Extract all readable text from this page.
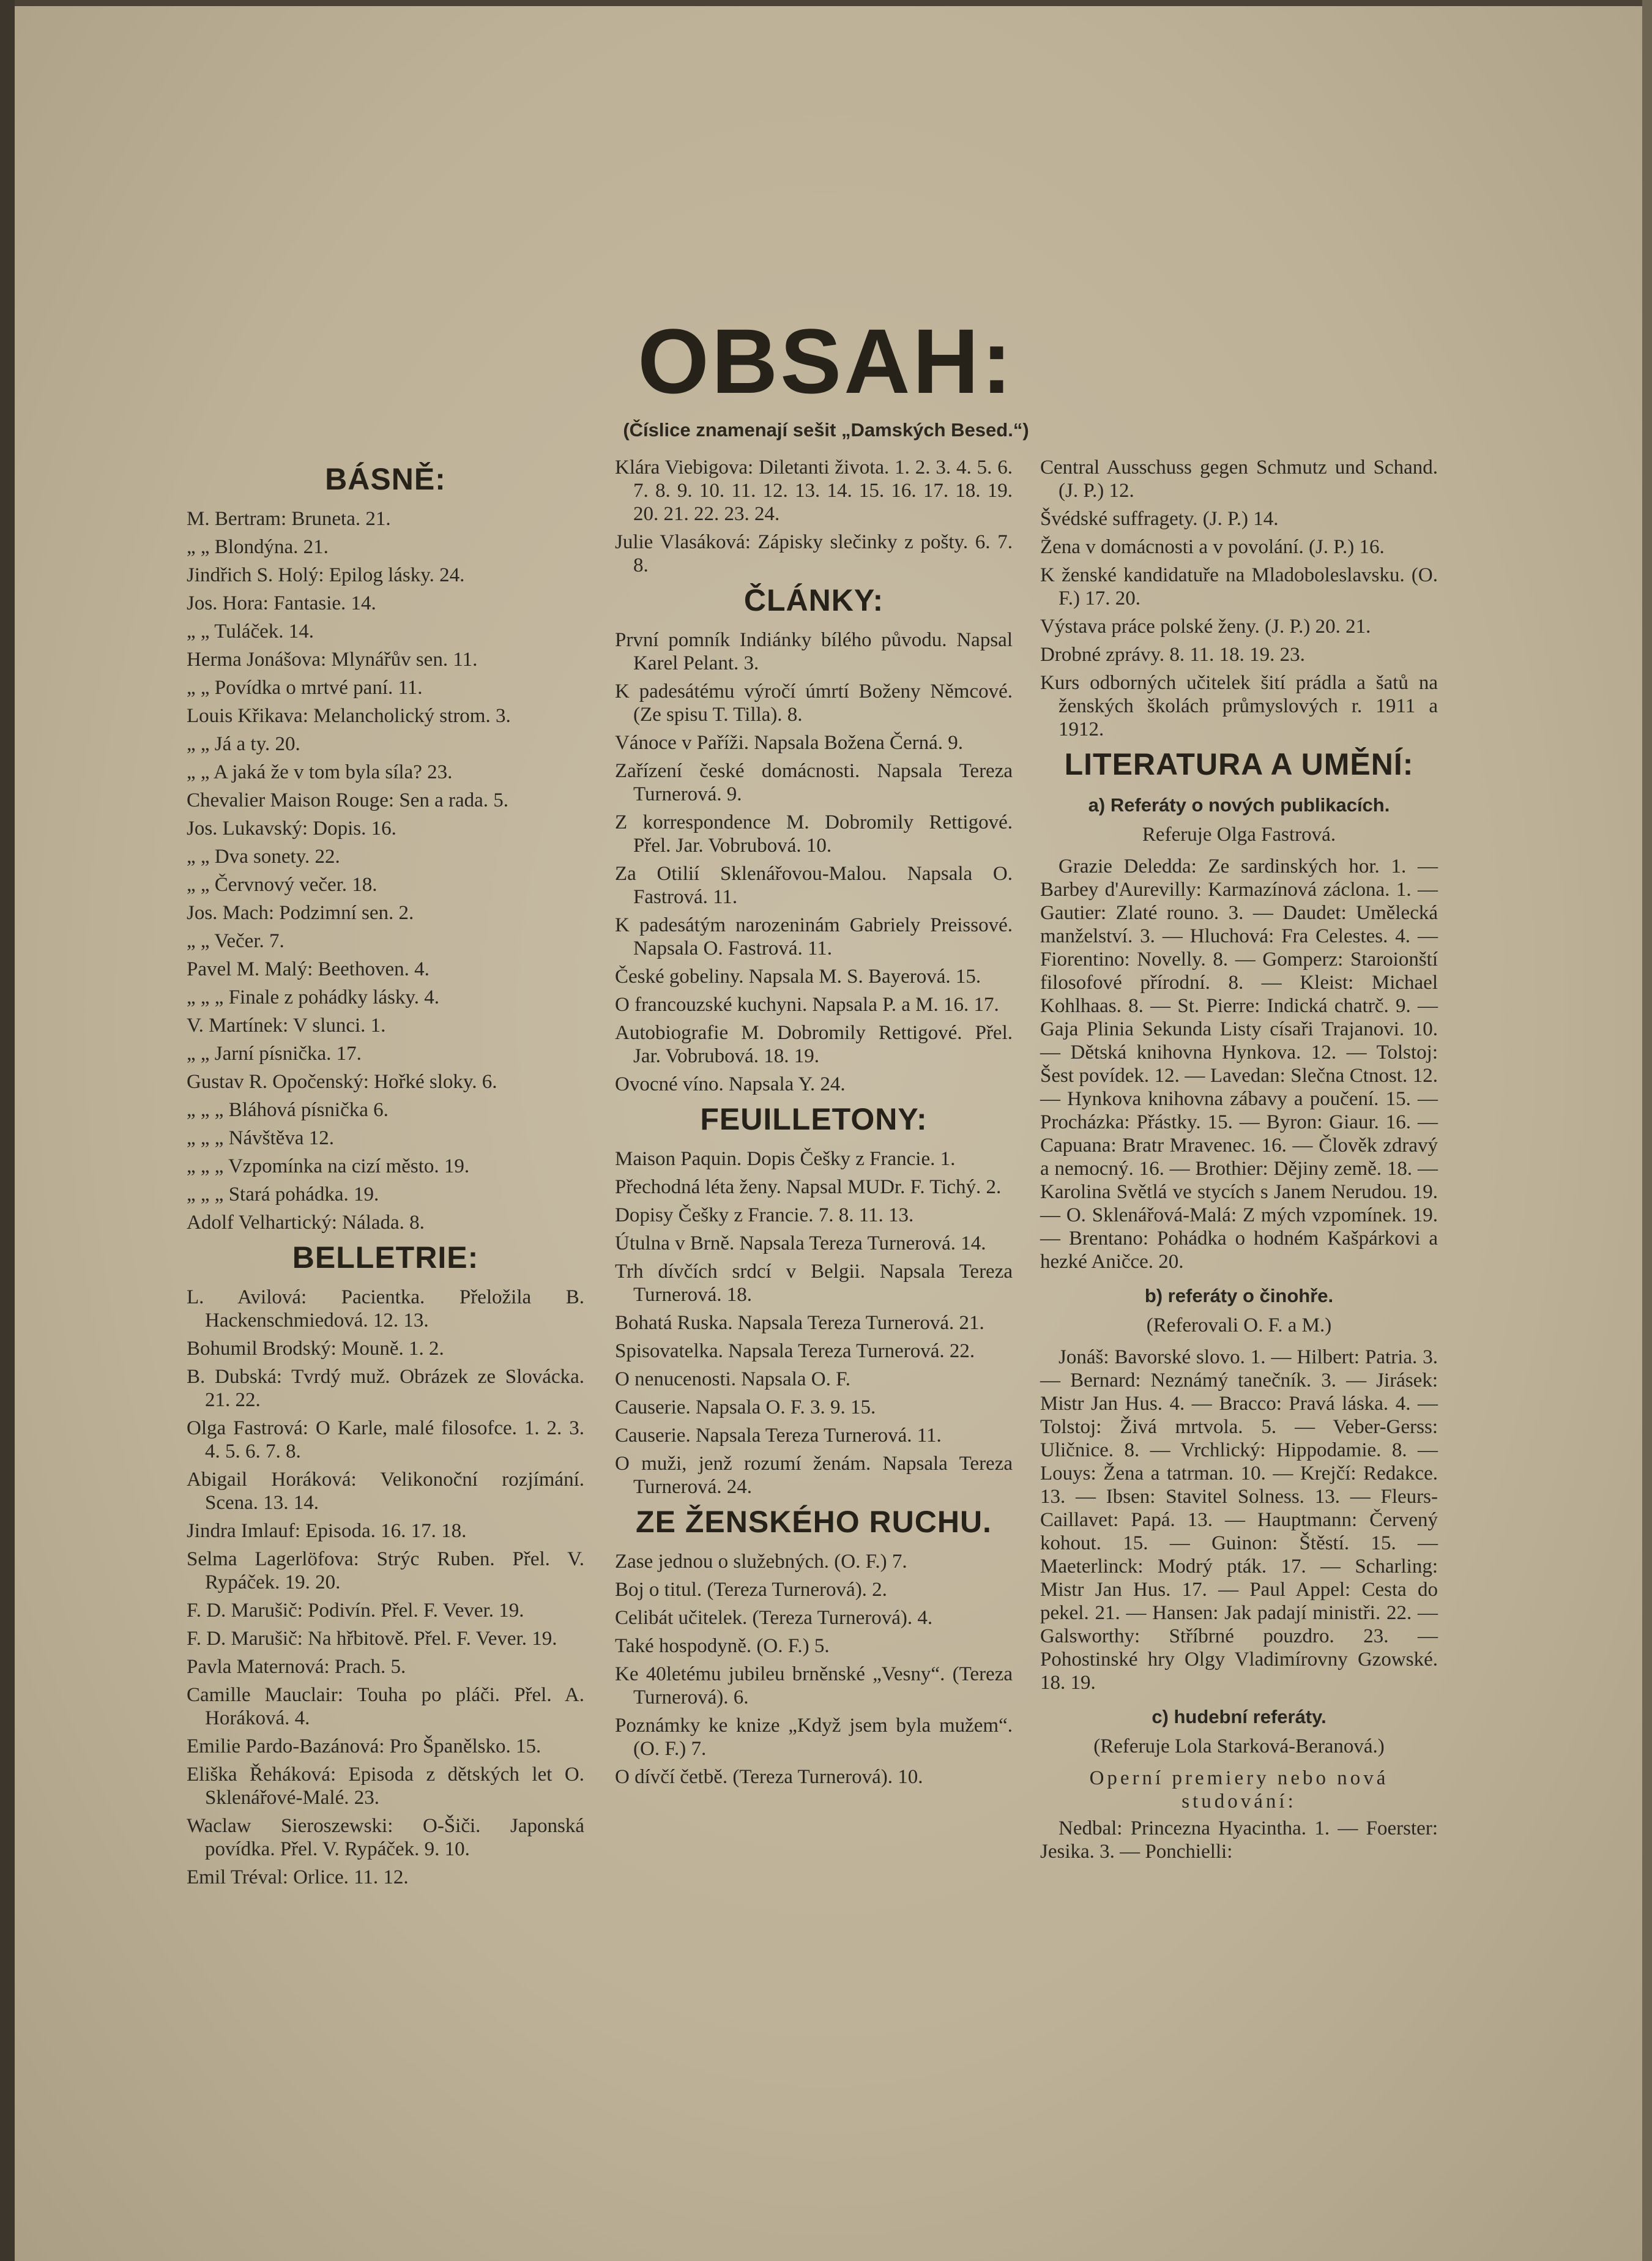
OBSAH:
(Číslice znamenají sešit „Damských Besed.“)
BÁSNĚ:
M. Bertram: Bruneta. 21.
„ „ Blondýna. 21.
Jindřich S. Holý: Epilog lásky. 24.
Jos. Hora: Fantasie. 14.
„ „ Tuláček. 14.
Herma Jonášova: Mlynářův sen. 11.
„ „ Povídka o mrtvé paní. 11.
Louis Křikava: Melancholický strom. 3.
„ „ Já a ty. 20.
„ „ A jaká že v tom byla síla? 23.
Chevalier Maison Rouge: Sen a rada. 5.
Jos. Lukavský: Dopis. 16.
„ „ Dva sonety. 22.
„ „ Červnový večer. 18.
Jos. Mach: Podzimní sen. 2.
„ „ Večer. 7.
Pavel M. Malý: Beethoven. 4.
„ „ „ Finale z pohádky lásky. 4.
V. Martínek: V slunci. 1.
„ „ Jarní písnička. 17.
Gustav R. Opočenský: Hořké sloky. 6.
„ „ „ Bláhová písnička 6.
„ „ „ Návštěva 12.
„ „ „ Vzpomínka na cizí město. 19.
„ „ „ Stará pohádka. 19.
Adolf Velhartický: Nálada. 8.
BELLETRIE:
L. Avilová: Pacientka. Přeložila B. Hackenschmiedová. 12. 13.
Bohumil Brodský: Mouně. 1. 2.
B. Dubská: Tvrdý muž. Obrázek ze Slovácka. 21. 22.
Olga Fastrová: O Karle, malé filosofce. 1. 2. 3. 4. 5. 6. 7. 8.
Abigail Horáková: Velikonoční rozjímání. Scena. 13. 14.
Jindra Imlauf: Episoda. 16. 17. 18.
Selma Lagerlöfova: Strýc Ruben. Přel. V. Rypáček. 19. 20.
F. D. Marušič: Podivín. Přel. F. Vever. 19.
F. D. Marušič: Na hřbitově. Přel. F. Vever. 19.
Pavla Maternová: Prach. 5.
Camille Mauclair: Touha po pláči. Přel. A. Horáková. 4.
Emilie Pardo-Bazánová: Pro Španělsko. 15.
Eliška Řeháková: Episoda z dětských let O. Sklenářové-Malé. 23.
Waclaw Sieroszewski: O-Šiči. Japonská povídka. Přel. V. Rypáček. 9. 10.
Emil Tréval: Orlice. 11. 12.
Klára Viebigova: Diletanti života. 1. 2. 3. 4. 5. 6. 7. 8. 9. 10. 11. 12. 13. 14. 15. 16. 17. 18. 19. 20. 21. 22. 23. 24.
Julie Vlasáková: Zápisky slečinky z pošty. 6. 7. 8.
ČLÁNKY:
První pomník Indiánky bílého původu. Napsal Karel Pelant. 3.
K padesátému výročí úmrtí Boženy Němcové. (Ze spisu T. Tilla). 8.
Vánoce v Paříži. Napsala Božena Černá. 9.
Zařízení české domácnosti. Napsala Tereza Turnerová. 9.
Z korrespondence M. Dobromily Rettigové. Přel. Jar. Vobrubová. 10.
Za Otilií Sklenářovou-Malou. Napsala O. Fastrová. 11.
K padesátým narozeninám Gabriely Preissové. Napsala O. Fastrová. 11.
České gobeliny. Napsala M. S. Bayerová. 15.
O francouzské kuchyni. Napsala P. a M. 16. 17.
Autobiografie M. Dobromily Rettigové. Přel. Jar. Vobrubová. 18. 19.
Ovocné víno. Napsala Y. 24.
FEUILLETONY:
Maison Paquin. Dopis Češky z Francie. 1.
Přechodná léta ženy. Napsal MUDr. F. Tichý. 2.
Dopisy Češky z Francie. 7. 8. 11. 13.
Útulna v Brně. Napsala Tereza Turnerová. 14.
Trh dívčích srdcí v Belgii. Napsala Tereza Turnerová. 18.
Bohatá Ruska. Napsala Tereza Turnerová. 21.
Spisovatelka. Napsala Tereza Turnerová. 22.
O nenucenosti. Napsala O. F.
Causerie. Napsala O. F. 3. 9. 15.
Causerie. Napsala Tereza Turnerová. 11.
O muži, jenž rozumí ženám. Napsala Tereza Turnerová. 24.
ZE ŽENSKÉHO RUCHU.
Zase jednou o služebných. (O. F.) 7.
Boj o titul. (Tereza Turnerová). 2.
Celibát učitelek. (Tereza Turnerová). 4.
Také hospodyně. (O. F.) 5.
Ke 40letému jubileu brněnské „Vesny“. (Tereza Turnerová). 6.
Poznámky ke knize „Když jsem byla mužem“. (O. F.) 7.
O dívčí četbě. (Tereza Turnerová). 10.
Central Ausschuss gegen Schmutz und Schand. (J. P.) 12.
Švédské suffragety. (J. P.) 14.
Žena v domácnosti a v povolání. (J. P.) 16.
K ženské kandidatuře na Mladoboleslavsku. (O. F.) 17. 20.
Výstava práce polské ženy. (J. P.) 20. 21.
Drobné zprávy. 8. 11. 18. 19. 23.
Kurs odborných učitelek šití prádla a šatů na ženských školách průmyslových r. 1911 a 1912.
LITERATURA A UMĚNÍ:
a) Referáty o nových publikacích.
Referuje Olga Fastrová.
Grazie Deledda: Ze sardinských hor. 1. — Barbey d'Aurevilly: Karmazínová záclona. 1. — Gautier: Zlaté rouno. 3. — Daudet: Umělecká manželství. 3. — Hluchová: Fra Celestes. 4. — Fiorentino: Novelly. 8. — Gomperz: Staroionští filosofové přírodní. 8. — Kleist: Michael Kohlhaas. 8. — St. Pierre: Indická chatrč. 9. — Gaja Plinia Sekunda Listy císaři Trajanovi. 10. — Dětská knihovna Hynkova. 12. — Tolstoj: Šest povídek. 12. — Lavedan: Slečna Ctnost. 12. — Hynkova knihovna zábavy a poučení. 15. — Procházka: Přástky. 15. — Byron: Giaur. 16. — Capuana: Bratr Mravenec. 16. — Člověk zdravý a nemocný. 16. — Brothier: Dějiny země. 18. — Karolina Světlá ve stycích s Janem Nerudou. 19. — O. Sklenářová-Malá: Z mých vzpomínek. 19. — Brentano: Pohádka o hodném Kašpárkovi a hezké Aničce. 20.
b) referáty o činohře.
(Referovali O. F. a M.)
Jonáš: Bavorské slovo. 1. — Hilbert: Patria. 3. — Bernard: Neznámý tanečník. 3. — Jirásek: Mistr Jan Hus. 4. — Bracco: Pravá láska. 4. — Tolstoj: Živá mrtvola. 5. — Veber-Gerss: Uličnice. 8. — Vrchlický: Hippodamie. 8. — Louys: Žena a tatrman. 10. — Krejčí: Redakce. 13. — Ibsen: Stavitel Solness. 13. — Fleurs-Caillavet: Papá. 13. — Hauptmann: Červený kohout. 15. — Guinon: Štěstí. 15. — Maeterlinck: Modrý pták. 17. — Scharling: Mistr Jan Hus. 17. — Paul Appel: Cesta do pekel. 21. — Hansen: Jak padají ministři. 22. — Galsworthy: Stříbrné pouzdro. 23. — Pohostinské hry Olgy Vladimírovny Gzowské. 18. 19.
c) hudební referáty.
(Referuje Lola Starková-Beranová.)
Operní premiery nebo nová studování:
Nedbal: Princezna Hyacintha. 1. — Foerster: Jesika. 3. — Ponchielli:
